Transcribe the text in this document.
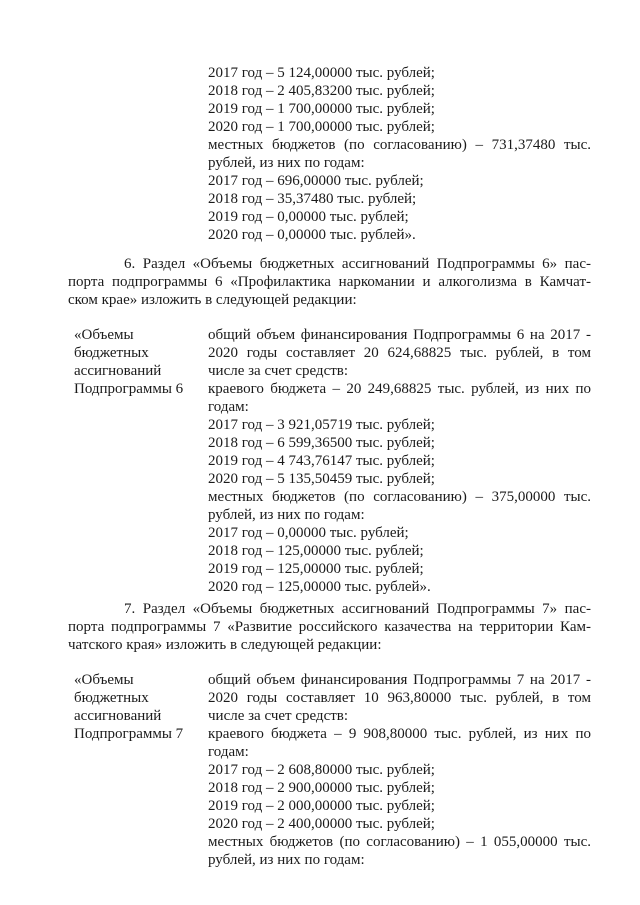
2017 год – 5 124,00000 тыс. рублей;
2018 год – 2 405,83200 тыс. рублей;
2019 год – 1 700,00000 тыс. рублей;
2020 год – 1 700,00000 тыс. рублей;
местных бюджетов (по согласованию) – 731,37480 тыс.
рублей, из них по годам:
2017 год – 696,00000 тыс. рублей;
2018 год – 35,37480 тыс. рублей;
2019 год – 0,00000 тыс. рублей;
2020 год – 0,00000 тыс. рублей».
6. Раздел «Объемы бюджетных ассигнований Подпрограммы 6» пас-
порта подпрограммы 6 «Профилактика наркомании и алкоголизма в Камчат-
ском крае» изложить в следующей редакции:
«Объемы
бюджетных
ассигнований
Подпрограммы 6
общий объем финансирования Подпрограммы 6 на 2017 -
2020 годы составляет 20 624,68825 тыс. рублей, в том
числе за счет средств:
краевого бюджета – 20 249,68825 тыс. рублей, из них по
годам:
2017 год – 3 921,05719 тыс. рублей;
2018 год – 6 599,36500 тыс. рублей;
2019 год – 4 743,76147 тыс. рублей;
2020 год – 5 135,50459 тыс. рублей;
местных бюджетов (по согласованию) – 375,00000 тыс.
рублей, из них по годам:
2017 год – 0,00000 тыс. рублей;
2018 год – 125,00000 тыс. рублей;
2019 год – 125,00000 тыс. рублей;
2020 год – 125,00000 тыс. рублей».
7. Раздел «Объемы бюджетных ассигнований Подпрограммы 7» пас-
порта подпрограммы 7 «Развитие российского казачества на территории Кам-
чатского края» изложить в следующей редакции:
«Объемы
бюджетных
ассигнований
Подпрограммы 7
общий объем финансирования Подпрограммы 7 на 2017 -
2020 годы составляет 10 963,80000 тыс. рублей, в том
числе за счет средств:
краевого бюджета – 9 908,80000 тыс. рублей, из них по
годам:
2017 год – 2 608,80000 тыс. рублей;
2018 год – 2 900,00000 тыс. рублей;
2019 год – 2 000,00000 тыс. рублей;
2020 год – 2 400,00000 тыс. рублей;
местных бюджетов (по согласованию) – 1 055,00000 тыс.
рублей, из них по годам:
